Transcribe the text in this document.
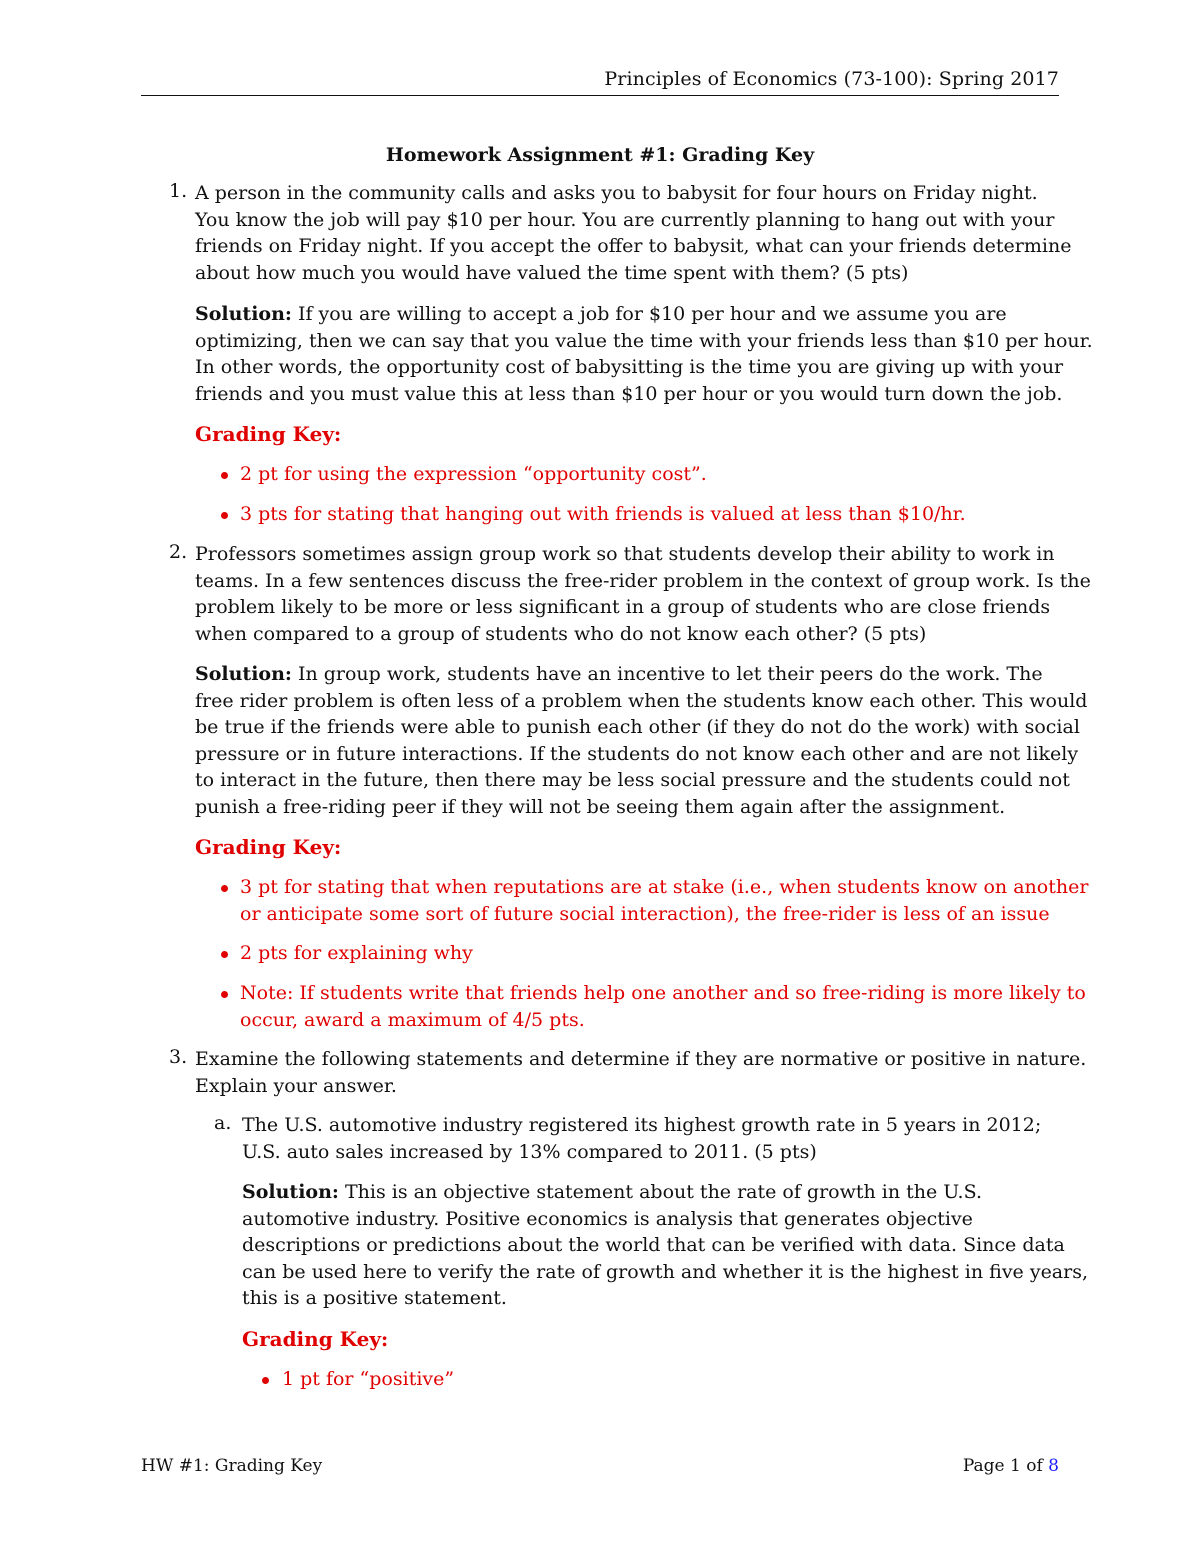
Principles of Economics (73-100): Spring 2017
Homework Assignment #1: Grading Key
1. A person in the community calls and asks you to babysit for four hours on Friday night.
You know the job will pay $10 per hour. You are currently planning to hang out with your
friends on Friday night. If you accept the offer to babysit, what can your friends determine
about how much you would have valued the time spent with them? (5 pts)

Solution: If you are willing to accept a job for $10 per hour and we assume you are
optimizing, then we can say that you value the time with your friends less than $10 per hour.
In other words, the opportunity cost of babysitting is the time you are giving up with your
friends and you must value this at less than $10 per hour or you would turn down the job.

Grading Key:

2 pt for using the expression “opportunity cost”.

3 pts for stating that hanging out with friends is valued at less than $10/hr.

2. Professors sometimes assign group work so that students develop their ability to work in
teams. In a few sentences discuss the free-rider problem in the context of group work. Is the
problem likely to be more or less significant in a group of students who are close friends
when compared to a group of students who do not know each other? (5 pts)

Solution: In group work, students have an incentive to let their peers do the work. The
free rider problem is often less of a problem when the students know each other. This would
be true if the friends were able to punish each other (if they do not do the work) with social
pressure or in future interactions. If the students do not know each other and are not likely
to interact in the future, then there may be less social pressure and the students could not
punish a free-riding peer if they will not be seeing them again after the assignment.

Grading Key:

3 pt for stating that when reputations are at stake (i.e., when students know on another
or anticipate some sort of future social interaction), the free-rider is less of an issue

2 pts for explaining why

Note: If students write that friends help one another and so free-riding is more likely to
occur, award a maximum of 4/5 pts.

3. Examine the following statements and determine if they are normative or positive in nature.
Explain your answer.

a. The U.S. automotive industry registered its highest growth rate in 5 years in 2012;
U.S. auto sales increased by 13% compared to 2011. (5 pts)

Solution: This is an objective statement about the rate of growth in the U.S.
automotive industry. Positive economics is analysis that generates objective
descriptions or predictions about the world that can be verified with data. Since data
can be used here to verify the rate of growth and whether it is the highest in five years,
this is a positive statement.

Grading Key:

1 pt for “positive”

HW #1: Grading Key	Page 1 of 8
